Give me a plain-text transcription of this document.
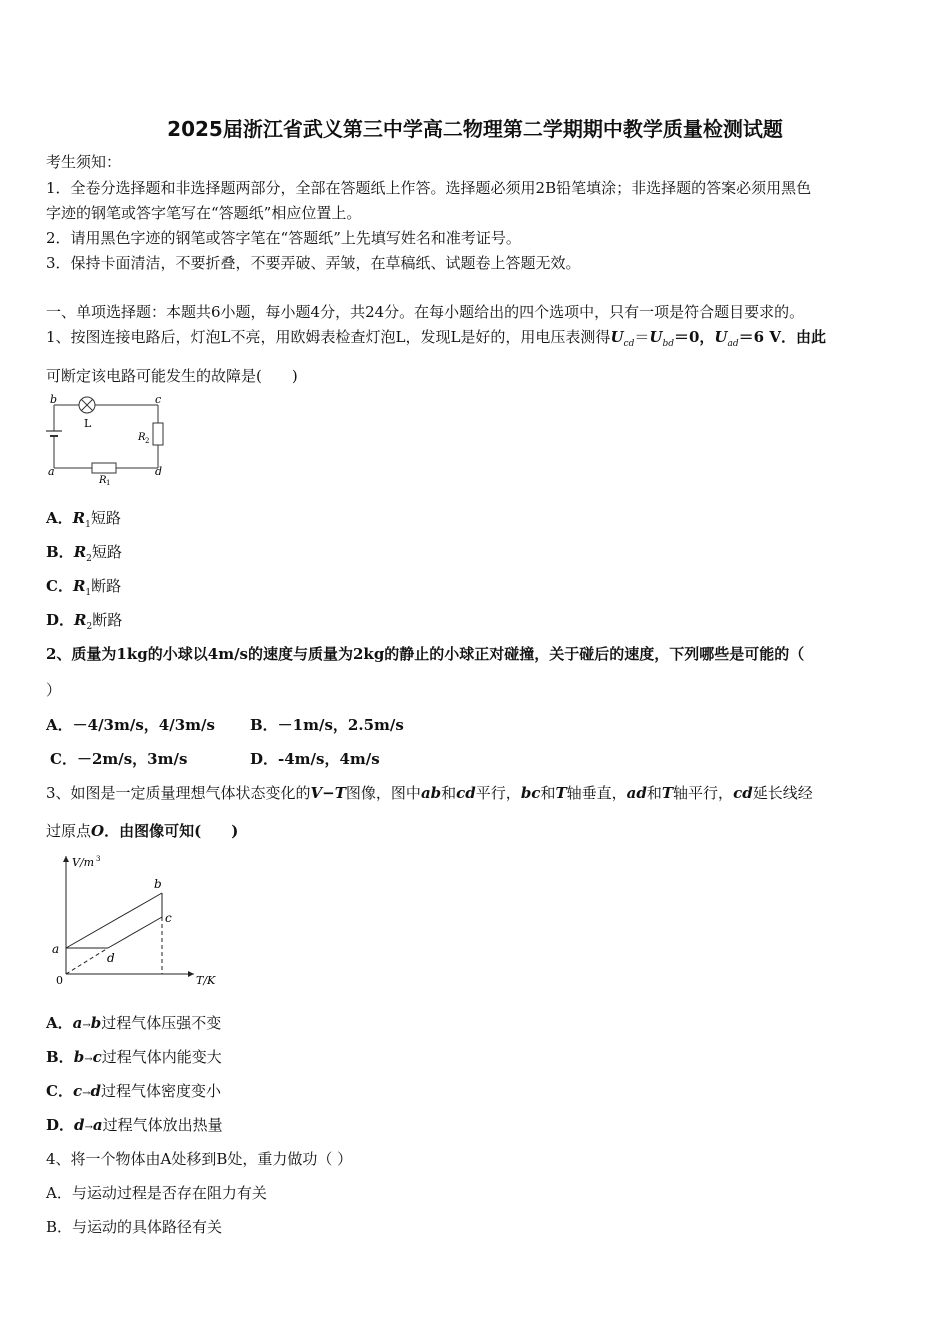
2025届浙江省武义第三中学高二物理第二学期期中教学质量检测试题
考生须知：
1．全卷分选择题和非选择题两部分，全部在答题纸上作答。选择题必须用2B铅笔填涂；非选择题的答案必须用黑色
字迹的钢笔或答字笔写在“答题纸”相应位置上。
2．请用黑色字迹的钢笔或答字笔在“答题纸”上先填写姓名和准考证号。
3．保持卡面清洁，不要折叠，不要弄破、弄皱，在草稿纸、试题卷上答题无效。
一、单项选择题：本题共6小题，每小题4分，共24分。在每小题给出的四个选项中，只有一项是符合题目要求的。
1、按图连接电路后，灯泡L不亮，用欧姆表检查灯泡L，发现L是好的，用电压表测得$U_{cd}=U_{bd}=0$，$U_{ad}=6$ V．由此
可断定该电路可能发生的故障是(　　)
b	c
a	d
L
R 2
R 1
A．$R_1$短路
B．$R_2$短路
C．$R_1$断路
D．$R_2$断路
2、质量为1kg的小球以4m/s的速度与质量为2kg的静止的小球正对碰撞，关于碰后的速度，下列哪些是可能的（
）
A．－4/3m/s，4/3m/s B．－1m/s，2.5m/s
C．－2m/s，3m/s	D．-4m/s，4m/s
3、如图是一定质量理想气体状态变化的V−T图像，图中ab和cd平行，bc和T轴垂直，ad和T轴平行，cd延长线经
过原点O．由图像可知(　　)
V/m 3
T/K
0
a
b
c
d
A．a→b过程气体压强不变
B．b→c过程气体内能变大
C．c→d过程气体密度变小
D．d→a过程气体放出热量
4、将一个物体由A处移到B处，重力做功（ ）
A．与运动过程是否存在阻力有关
B．与运动的具体路径有关
